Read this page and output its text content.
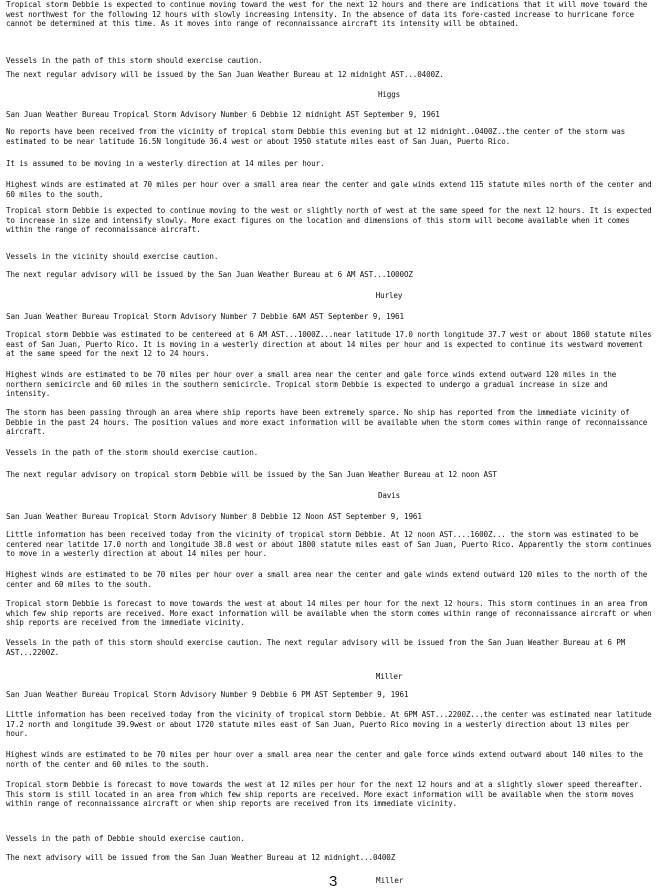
Tropical storm Debbie is expected to continue moving toward the west for the next 12 hours and there are indications that it will move toward the west northwest for the following 12 hours with slowly increasing intensity. In the absence of data its fore-casted increase to hurricane force cannot be determined at this time. As it moves into range of reconnaissance aircraft its intensity will be obtained.

Vessels in the path of this storm should exercise caution.

The next regular advisory will be issued by the San Juan Weather Bureau at 12 midnight AST...0400Z.

Higgs

San Juan Weather Bureau Tropical Storm Advisory Number 6 Debbie 12 midnight AST September 9, 1961

No reports have been received from the vicinity of tropical storm Debbie this evening but at 12 midnight..0400Z..the center of the storm was estimated to be near latitude 16.5N longitude 36.4 west or about 1950 statute miles east of San Juan, Puerto Rico.

It is assumed to be moving in a westerly direction at 14 miles per hour.

Highest winds are estimated at 70 miles per hour over a small area near the center and gale winds extend 115 statute miles north of the center and 60 miles to the south.

Tropical storm Debbie is expected to continue moving to the west or slightly north of west at the same speed for the next 12 hours. It is expected to increase in size and intensify slowly. More exact figures on the location and dimensions of this storm will become available when it comes within the range of reconnaissance aircraft.

Vessels in the vicinity should exercise caution.

The next regular advisory will be issued by the San Juan Weather Bureau at 6 AM AST...1000OZ

Hurley

San Juan Weather Bureau Tropical Storm Advisory Number 7 Debbie 6AM AST September 9, 1961

Tropical storm Debbie was estimated to be centereed at 6 AM AST...1000Z...near latitude 17.0 north longitude 37.7 west or about 1860 statute miles east of San Juan, Puerto Rico. It is moving in a westerly direction at about 14 miles per hour and is expected to continue its westward movement at the same speed for the next 12 to 24 hours.

Highest winds are estimated to be 70 miles per hour over a small area near the center and gale force winds extend outward 120 miles in the northern semicircle and 60 miles in the southern semicircle. Tropical storm Debbie is expected to undergo a gradual increase in size and intensity.

The storm has been passing through an area where ship reports have been extremely sparce. No ship has reported from the immediate vicinity of Debbie in the past 24 hours. The position values and more exact information will be available when the storm comes within range of reconnaissance aircraft.

Vessels in the path of the storm should exercise caution.

The next regular advisory on tropical storm Debbie will be issued by the San Juan Weather Bureau at 12 noon AST

Davis

San Juan Weather Bureau Tropical Storm Advisory Number 8 Debbie 12 Noon AST September 9, 1961

Little information has been received today from the vicinity of tropical storm Debbie. At 12 noon AST....1600Z... the storm was estimated to be centered near latitde 17.0 north and longitude 38.8 west or about 1800 statute miles east of San Juan, Puerto Rico. Apparently the storm continues to move in a westerly direction at about 14 miles per hour.

Highest winds are estimated to be 70 miles per hour over a small area near the center and gale winds extend outward 120 miles to the north of the center and 60 miles to the south.

Tropical storm Debbie is forecast to move towards the west at about 14 miles per hour for the next 12 hours. This storm continues in an area from which few ship reports are received. More exact information will be available when the storm comes within range of reconnaissance aircraft or when ship reports are received from the immediate vicinity.

Vessels in the path of this storm should exercise caution. The next regular advisory will be issued from the San Juan Weather Bureau at 6 PM AST...2200Z.

Miller

San Juan Weather Bureau Tropical Storm Advisory Number 9 Debbie 6 PM AST September 9, 1961

Little information has been received today from the vicinity of tropical storm Debbie. At 6PM AST...2200Z...the center was estimated near latitude 17.2 north and longitude 39.9west or about 1720 statute miles east of San Juan, Puerto Rico moving in a westerly direction about 13 miles per hour.

Highest winds are estimated to be 70 miles per hour over a small area near the center and gale force winds extend outward about 140 miles to the north of the center and 60 miles to the south.

Tropical storm Debbie is forecast to move towards the west at 12 miles per hour for the next 12 hours and at a slightly slower speed thereafter. This storm is still located in an area from which few ship reports are received. More exact information will be available when the storm moves within range of reconnaissance aircraft or when ship reports are received from its immediate vicinity.

Vessels in the path of Debbie should exercise caution.

The next advisory will be issued from the San Juan Weather Bureau at 12 midnight...0400Z

3	Miller
